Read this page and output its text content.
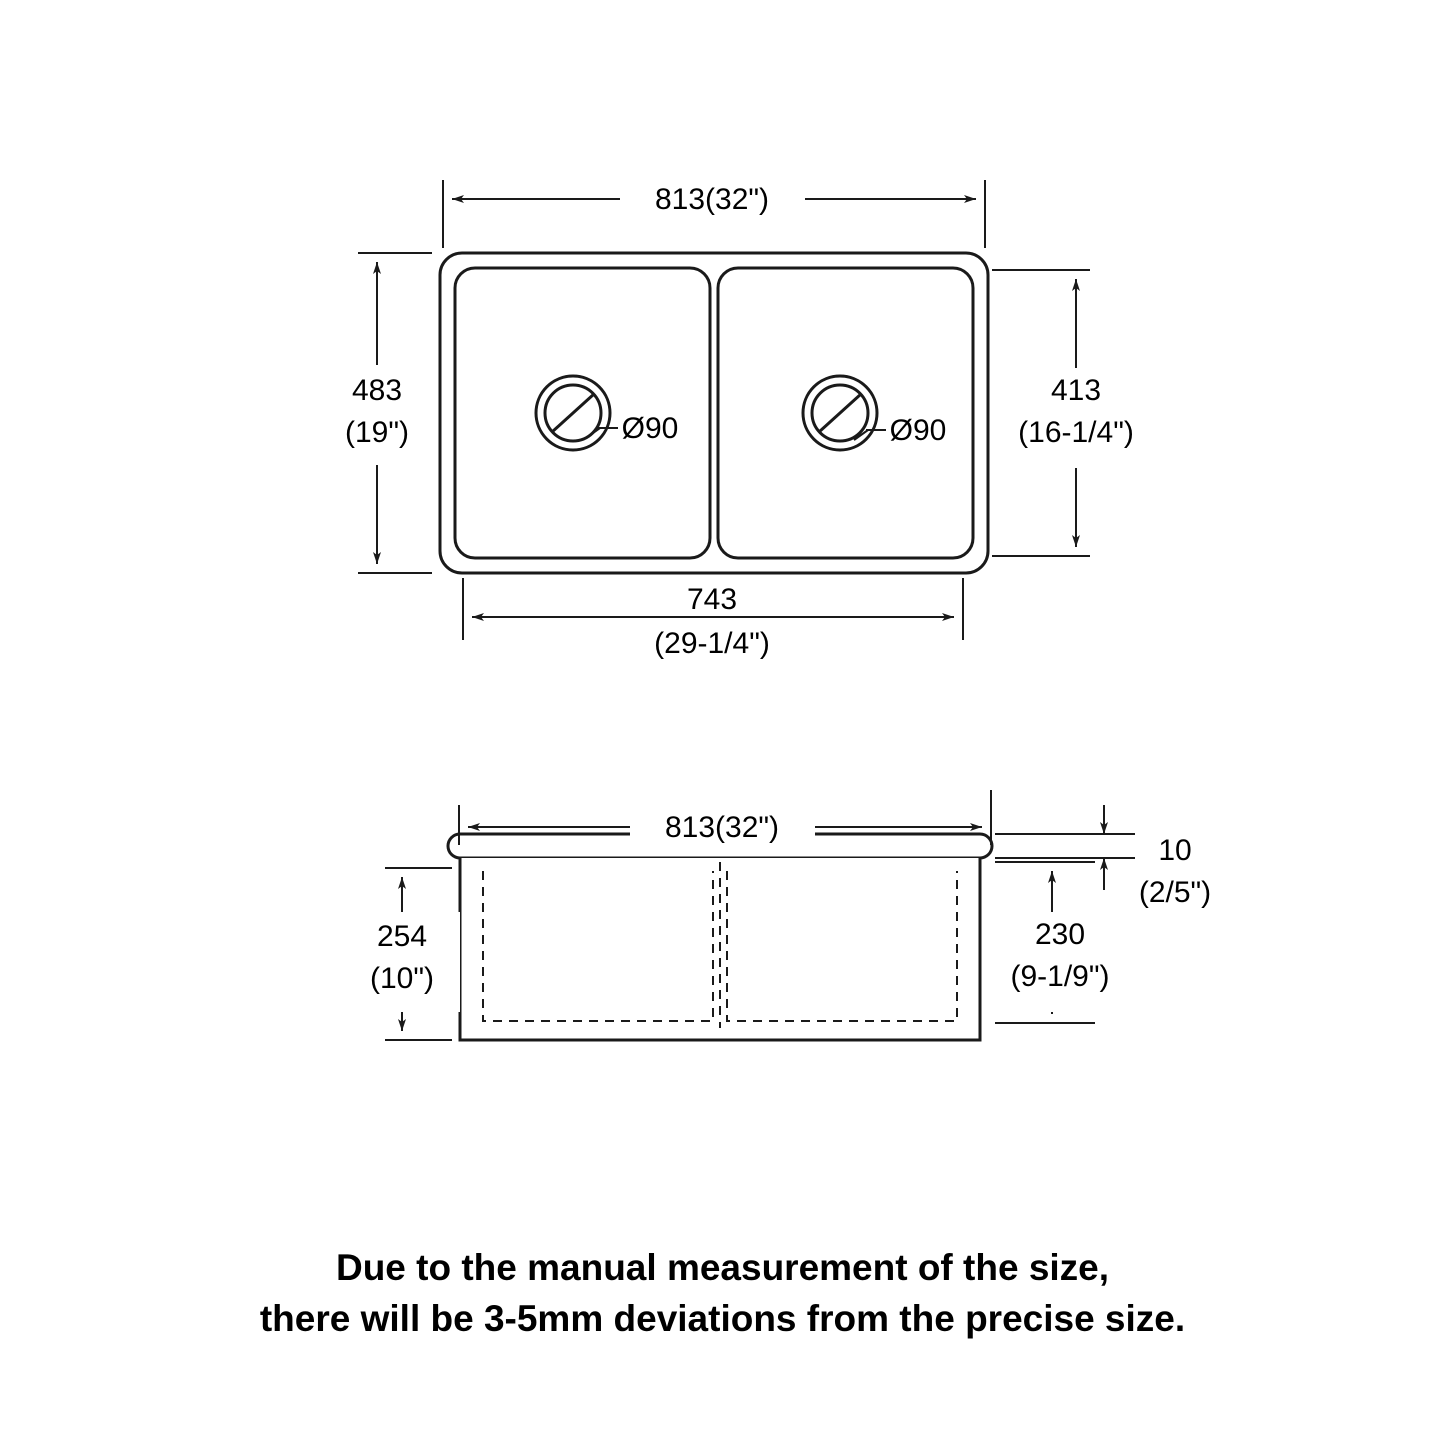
Ø90	Ø90
813(32")
483
(19")
413
(16-1/4")
743
(29-1/4")
813(32")
254
(10")
10
(2/5")
230
(9-1/9")
Due to the manual measurement of the size,
there will be 3-5mm deviations from the precise size.
